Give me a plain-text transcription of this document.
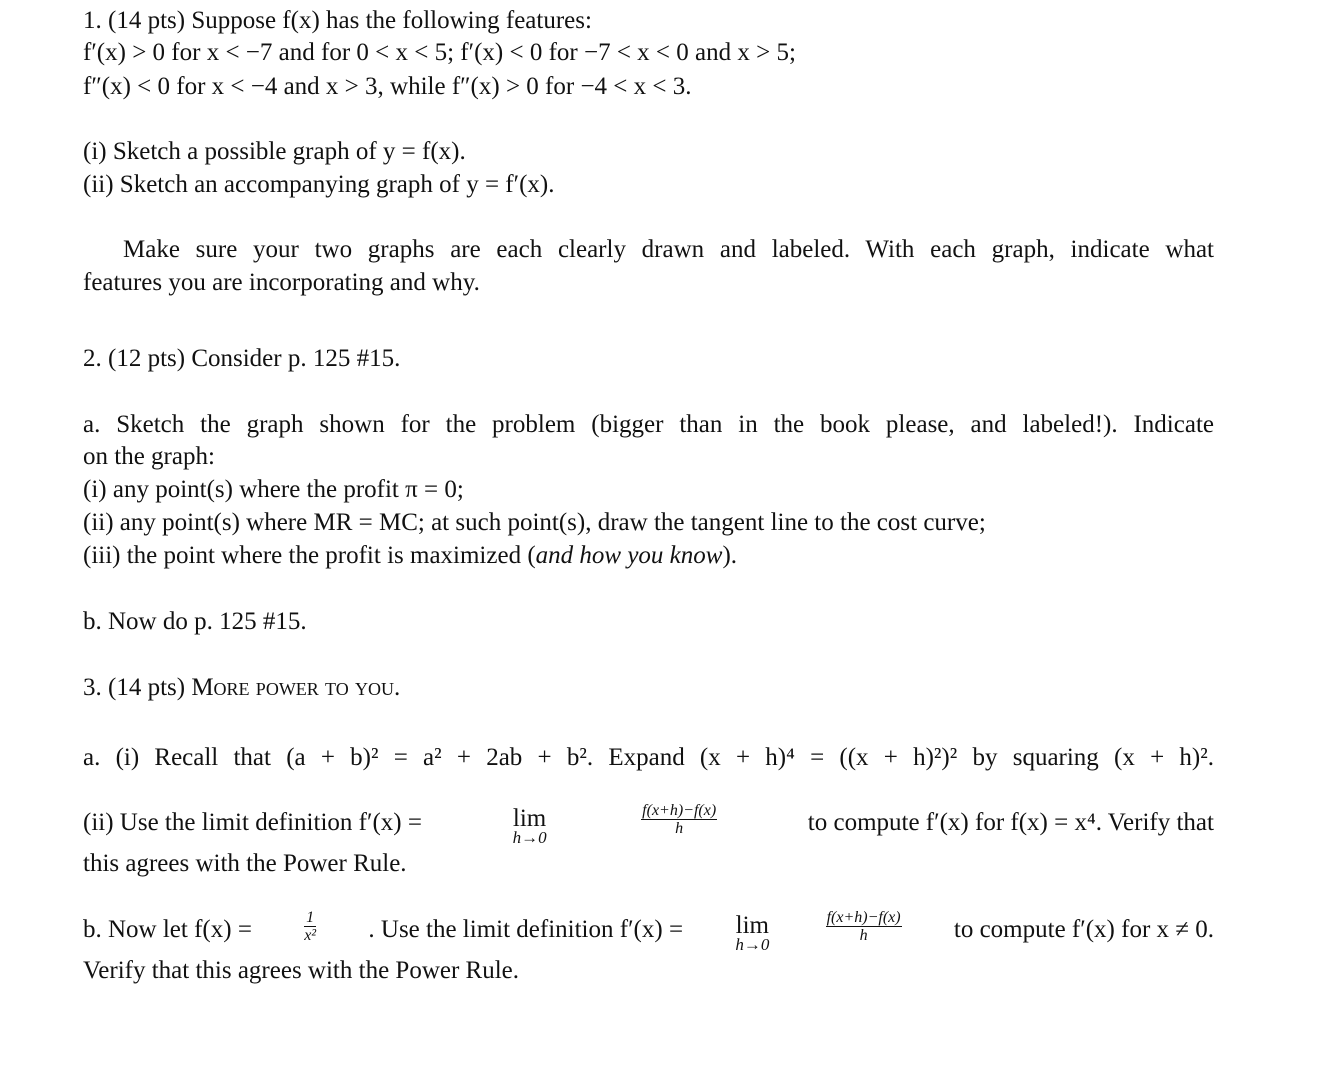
1. (14 pts) Suppose f(x) has the following features:
f′(x) > 0 for x < −7 and for 0 < x < 5; f′(x) < 0 for −7 < x < 0 and x > 5;
f″(x) < 0 for x < −4 and x > 3, while f″(x) > 0 for −4 < x < 3.
(i) Sketch a possible graph of y = f(x).
(ii) Sketch an accompanying graph of y = f′(x).
Make sure your two graphs are each clearly drawn and labeled. With each graph, indicate what
features you are incorporating and why.
2. (12 pts) Consider p. 125 #15.
a. Sketch the graph shown for the problem (bigger than in the book please, and labeled!). Indicate
on the graph:
(i) any point(s) where the profit π = 0;
(ii) any point(s) where MR = MC; at such point(s), draw the tangent line to the cost curve;
(iii) the point where the profit is maximized (and how you know).
b. Now do p. 125 #15.
3. (14 pts) More power to you.
a. (i) Recall that (a + b)² = a² + 2ab + b². Expand (x + h)⁴ = ((x + h)²)² by squaring (x + h)².
(ii) Use the limit definition f′(x) =	lim
h→0
$\frac{f(x+h)-f(x)}{h}$	to compute f′(x) for f(x) = x⁴. Verify that
this agrees with the Power Rule.
b. Now let f(x) =	$\frac{1}{\text{x²}}$ . Use the limit definition f′(x) = lim
h→0
$\frac{f(x+h)-f(x)}{h}$ to compute f′(x) for x ≠ 0.
Verify that this agrees with the Power Rule.
